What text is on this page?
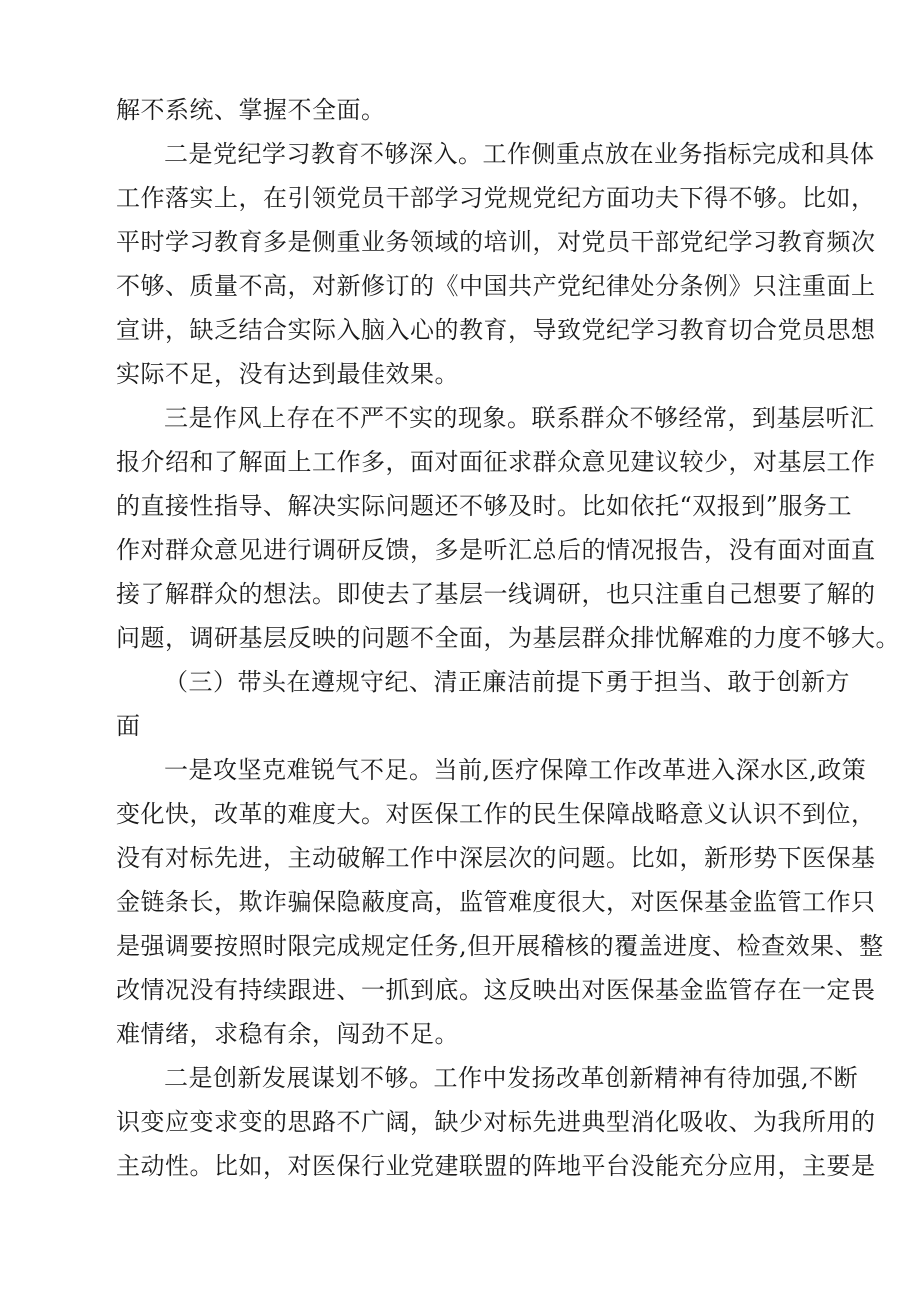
解不系统、掌握不全面。
二是党纪学习教育不够深入。工作侧重点放在业务指标完成和具体
工作落实上，在引领党员干部学习党规党纪方面功夫下得不够。比如，
平时学习教育多是侧重业务领域的培训，对党员干部党纪学习教育频次
不够、质量不高，对新修订的《中国共产党纪律处分条例》只注重面上
宣讲，缺乏结合实际入脑入心的教育，导致党纪学习教育切合党员思想
实际不足，没有达到最佳效果。
三是作风上存在不严不实的现象。联系群众不够经常，到基层听汇
报介绍和了解面上工作多，面对面征求群众意见建议较少，对基层工作
的直接性指导、解决实际问题还不够及时。比如依托“双报到”服务工
作对群众意见进行调研反馈，多是听汇总后的情况报告，没有面对面直
接了解群众的想法。即使去了基层一线调研，也只注重自己想要了解的
问题，调研基层反映的问题不全面，为基层群众排忧解难的力度不够大。
（三）带头在遵规守纪、清正廉洁前提下勇于担当、敢于创新方
面
一是攻坚克难锐气不足。当前,医疗保障工作改革进入深水区,政策
变化快，改革的难度大。对医保工作的民生保障战略意义认识不到位，
没有对标先进，主动破解工作中深层次的问题。比如，新形势下医保基
金链条长，欺诈骗保隐蔽度高，监管难度很大，对医保基金监管工作只
是强调要按照时限完成规定任务,但开展稽核的覆盖进度、检查效果、整
改情况没有持续跟进、一抓到底。这反映出对医保基金监管存在一定畏
难情绪，求稳有余，闯劲不足。
二是创新发展谋划不够。工作中发扬改革创新精神有待加强,不断
识变应变求变的思路不广阔，缺少对标先进典型消化吸收、为我所用的
主动性。比如，对医保行业党建联盟的阵地平台没能充分应用，主要是
